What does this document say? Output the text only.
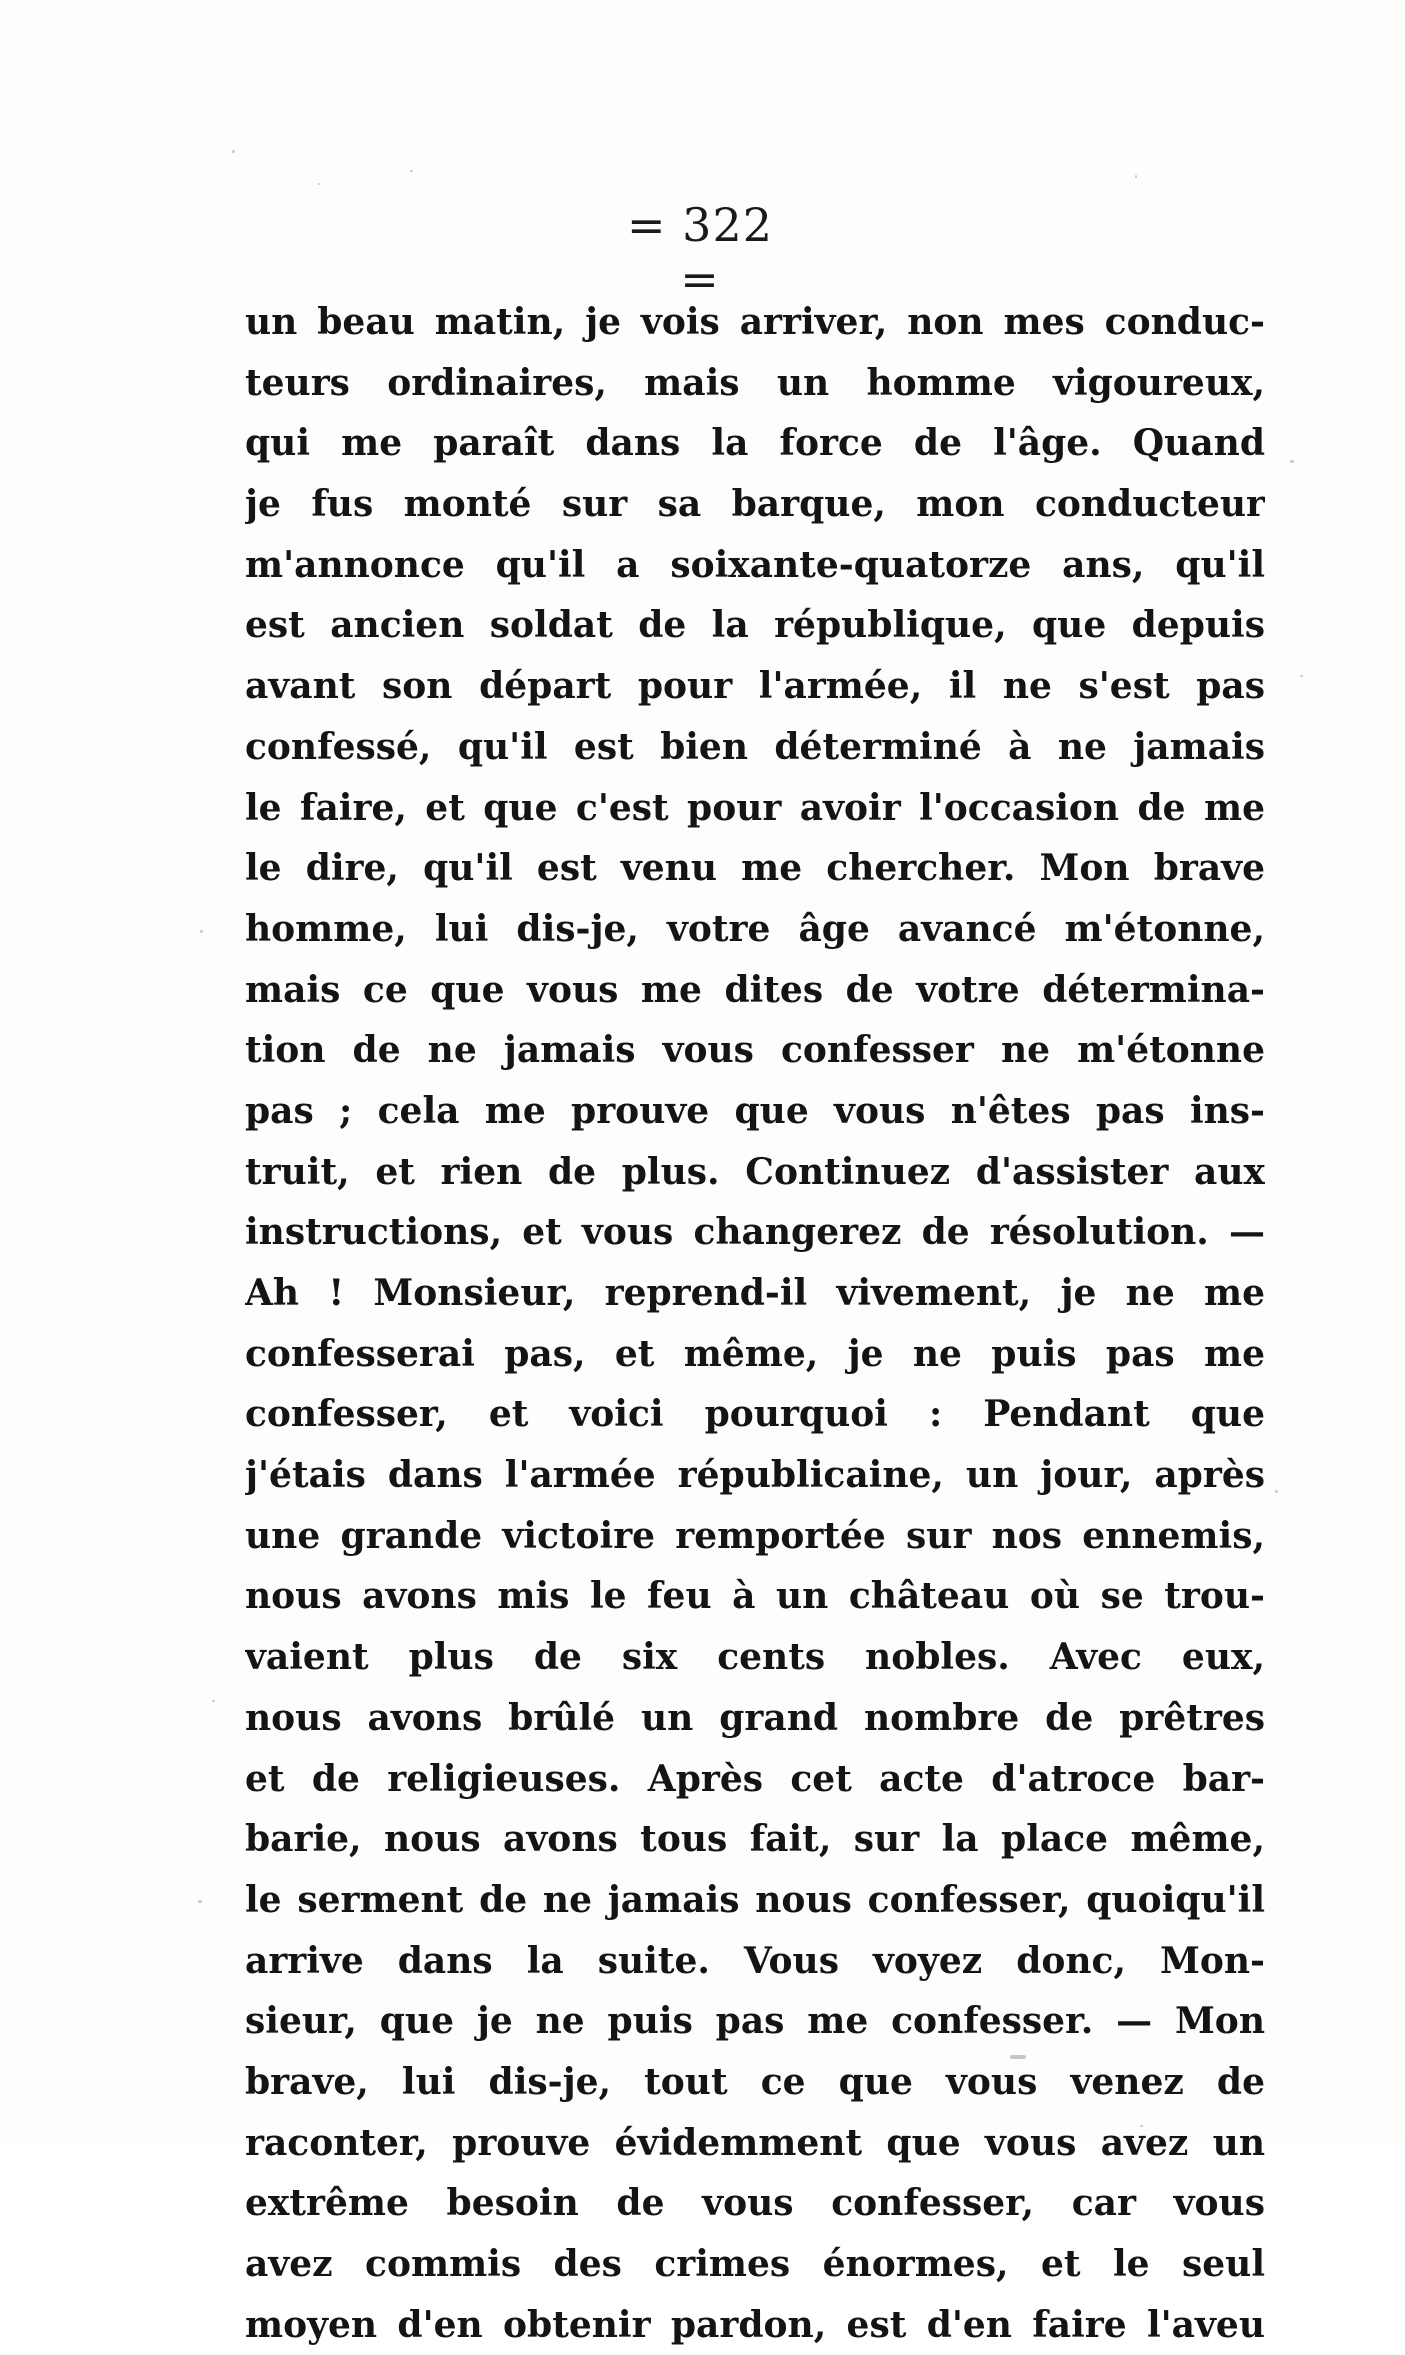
= 322 =
un beau matin, je vois arriver, non mes conduc-
teurs ordinaires, mais un homme vigoureux,
qui me paraît dans la force de l'âge. Quand
je fus monté sur sa barque, mon conducteur
m'annonce qu'il a soixante-quatorze ans, qu'il
est ancien soldat de la république, que depuis
avant son départ pour l'armée, il ne s'est pas
confessé, qu'il est bien déterminé à ne jamais
le faire, et que c'est pour avoir l'occasion de me
le dire, qu'il est venu me chercher. Mon brave
homme, lui dis-je, votre âge avancé m'étonne,
mais ce que vous me dites de votre détermina-
tion de ne jamais vous confesser ne m'étonne
pas ; cela me prouve que vous n'êtes pas ins-
truit, et rien de plus. Continuez d'assister aux
instructions, et vous changerez de résolution. —
Ah ! Monsieur, reprend-il vivement, je ne me
confesserai pas, et même, je ne puis pas me
confesser, et voici pourquoi : Pendant que
j'étais dans l'armée républicaine, un jour, après
une grande victoire remportée sur nos ennemis,
nous avons mis le feu à un château où se trou-
vaient plus de six cents nobles. Avec eux,
nous avons brûlé un grand nombre de prêtres
et de religieuses. Après cet acte d'atroce bar-
barie, nous avons tous fait, sur la place même,
le serment de ne jamais nous confesser, quoiqu'il
arrive dans la suite. Vous voyez donc, Mon-
sieur, que je ne puis pas me confesser. — Mon
brave, lui dis-je, tout ce que vous venez de
raconter, prouve évidemment que vous avez un
extrême besoin de vous confesser, car vous
avez commis des crimes énormes, et le seul
moyen d'en obtenir pardon, est d'en faire l'aveu
